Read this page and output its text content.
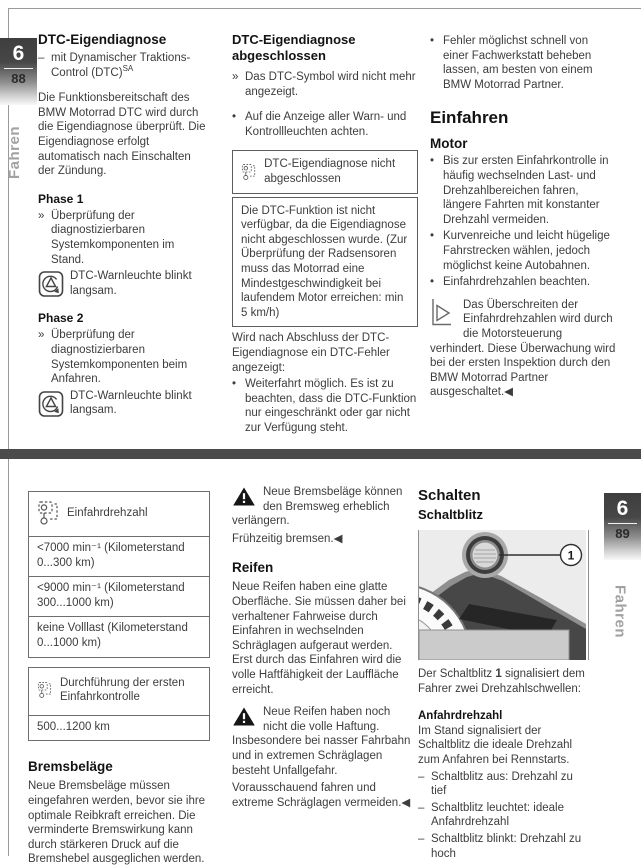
6
88
Fahren
DTC-Eigendiagnose
– mit Dynamischer Traktions-Control (DTC)$^{SA}$

Die Funktionsbereitschaft des BMW Motorrad DTC wird durch die Eigendiagnose überprüft. Die Eigendiagnose erfolgt automatisch nach Einschalten der Zündung.

Phase 1
» Überprüfung der diagnostizierbaren Systemkomponenten im Stand.
DTC-Warnleuchte blinkt langsam.
Phase 2
» Überprüfung der diagnostizierbaren Systemkomponenten beim Anfahren.
DTC-Warnleuchte blinkt langsam.
DTC-Eigendiagnose abgeschlossen
» Das DTC-Symbol wird nicht mehr angezeigt.
• Auf die Anzeige aller Warn- und Kontrollleuchten achten.
DTC-Eigendiagnose nicht abgeschlossen
Die DTC-Funktion ist nicht verfügbar, da die Eigendiagnose nicht abgeschlossen wurde. (Zur Überprüfung der Radsensoren muss das Motorrad eine Mindestgeschwindigkeit bei laufendem Motor erreichen: min 5 km/h)

Wird nach Abschluss der DTC-Eigendiagnose ein DTC-Fehler angezeigt:

• Weiterfahrt möglich. Es ist zu beachten, dass die DTC-Funktion nur eingeschränkt oder gar nicht zur Verfügung steht.
• Fehler möglichst schnell von einer Fachwerkstatt beheben lassen, am besten von einem BMW Motorrad Partner.
Einfahren
Motor
• Bis zur ersten Einfahrkontrolle in häufig wechselnden Last- und Drehzahlbereichen fahren, längere Fahrten mit konstanter Drehzahl vermeiden.
• Kurvenreiche und leicht hügelige Fahrstrecken wählen, jedoch möglichst keine Autobahnen.
• Einfahrdrehzahlen beachten.
Das Überschreiten der Einfahrdrehzahlen wird durch die Motorsteuerung verhindert. Diese Überwachung wird bei der ersten Inspektion durch den BMW Motorrad Partner ausgeschaltet.◀
6
89
Fahren
Einfahrdrehzahl
<7000 min⁻¹ (Kilometerstand 0...300 km)
<9000 min⁻¹ (Kilometerstand 300...1000 km)
keine Volllast (Kilometerstand 0...1000 km)
Durchführung der ersten Einfahrkontrolle
500...1200 km
Bremsbeläge

Neue Bremsbeläge müssen eingefahren werden, bevor sie ihre optimale Reibkraft erreichen. Die verminderte Bremswirkung kann durch stärkeren Druck auf die Bremshebel ausgeglichen werden.

Neue Bremsbeläge können den Bremsweg erheblich verlängern.
Frühzeitig bremsen.◀
Reifen

Neue Reifen haben eine glatte Oberfläche. Sie müssen daher bei verhaltener Fahrweise durch Einfahren in wechselnden Schräglagen aufgeraut werden. Erst durch das Einfahren wird die volle Haftfähigkeit der Lauffläche erreicht.

Neue Reifen haben noch nicht die volle Haftung. Insbesondere bei nasser Fahrbahn und in extremen Schräglagen besteht Unfallgefahr.
Vorausschauend fahren und extreme Schräglagen vermeiden.◀
Schalten
Schaltblitz
1
Der Schaltblitz 1 signalisiert dem Fahrer zwei Drehzahlschwellen:
Anfahrdrehzahl

Im Stand signalisiert der Schaltblitz die ideale Drehzahl zum Anfahren bei Rennstarts.

– Schaltblitz aus: Drehzahl zu tief
– Schaltblitz leuchtet: ideale Anfahrdrehzahl
– Schaltblitz blinkt: Drehzahl zu hoch
